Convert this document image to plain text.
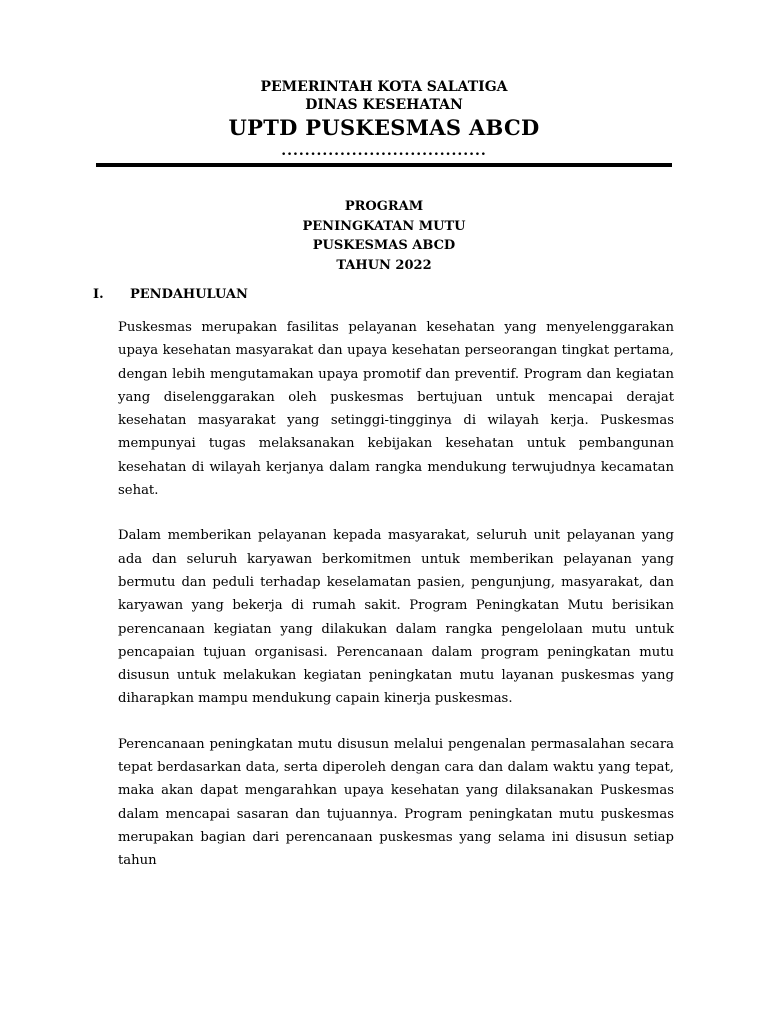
PEMERINTAH KOTA SALATIGA
DINAS KESEHATAN
UPTD PUSKESMAS ABCD
...................................
PROGRAM
PENINGKATAN MUTU
PUSKESMAS ABCD
TAHUN 2022
I. PENDAHULUAN

Puskesmas merupakan fasilitas pelayanan kesehatan yang menyelenggarakan upaya kesehatan masyarakat dan upaya kesehatan perseorangan tingkat pertama, dengan lebih mengutamakan upaya promotif dan preventif. Program dan kegiatan yang diselenggarakan oleh puskesmas bertujuan untuk mencapai derajat kesehatan masyarakat yang setinggi-tingginya di wilayah kerja. Puskesmas mempunyai tugas melaksanakan kebijakan kesehatan untuk pembangunan kesehatan di wilayah kerjanya dalam rangka mendukung terwujudnya kecamatan sehat.

Dalam memberikan pelayanan kepada masyarakat, seluruh unit pelayanan yang ada dan seluruh karyawan berkomitmen untuk memberikan pelayanan yang bermutu dan peduli terhadap keselamatan pasien, pengunjung, masyarakat, dan karyawan yang bekerja di rumah sakit. Program Peningkatan Mutu berisikan perencanaan kegiatan yang dilakukan dalam rangka pengelolaan mutu untuk pencapaian tujuan organisasi. Perencanaan dalam program peningkatan mutu disusun untuk melakukan kegiatan peningkatan mutu layanan puskesmas yang diharapkan mampu mendukung capain kinerja puskesmas.

Perencanaan peningkatan mutu disusun melalui pengenalan permasalahan secara tepat berdasarkan data, serta diperoleh dengan cara dan dalam waktu yang tepat, maka akan dapat mengarahkan upaya kesehatan yang dilaksanakan Puskesmas dalam mencapai sasaran dan tujuannya. Program peningkatan mutu puskesmas merupakan bagian dari perencanaan puskesmas yang selama ini disusun setiap tahun
